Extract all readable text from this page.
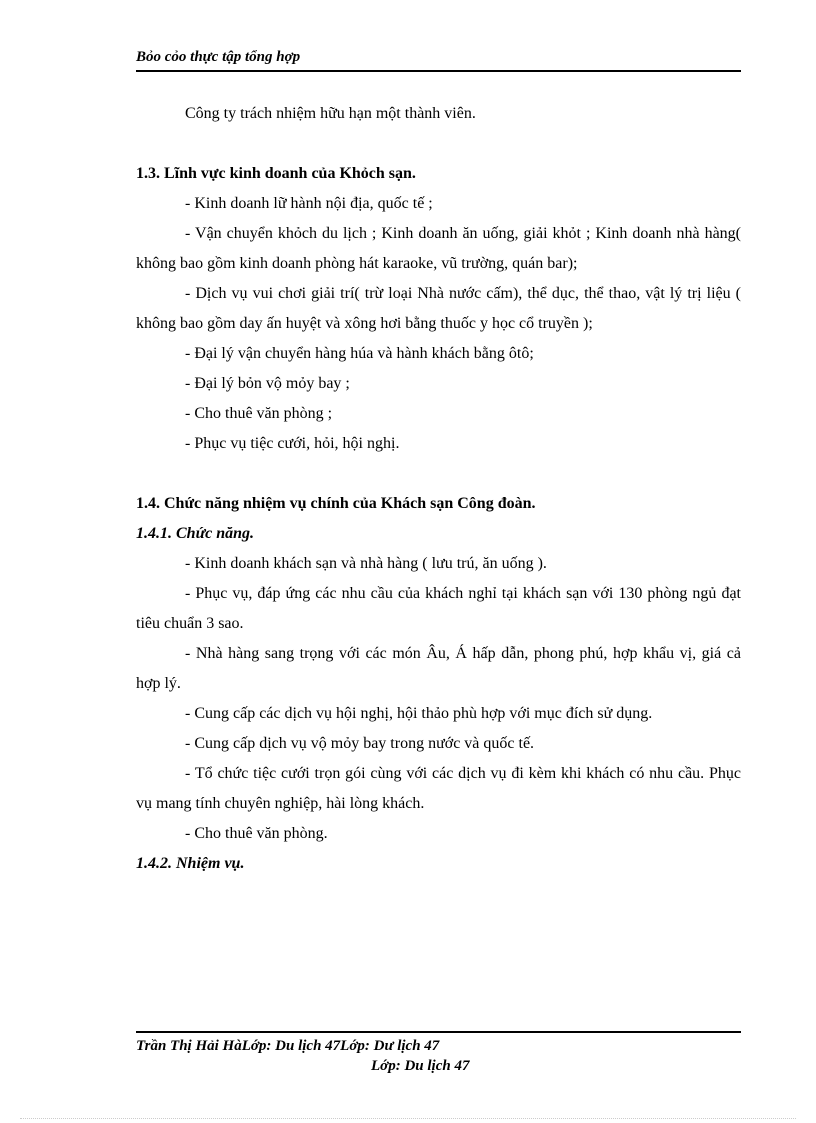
Bỏo cỏo thực tập tổng hợp
Công ty trách nhiệm hữu hạn một thành viên.
1.3. Lĩnh vực kinh doanh của Khỏch sạn.
- Kinh doanh lữ hành nội địa, quốc tế ;
- Vận chuyển khỏch du lịch ; Kinh doanh ăn uống, giải khỏt ; Kinh doanh nhà hàng( không bao gồm kinh doanh phòng hát karaoke, vũ trường, quán bar);
- Dịch vụ vui chơi giải trí( trừ loại Nhà nước cấm), thể dục, thể thao, vật lý trị liệu ( không bao gồm day ấn huyệt và xông hơi bằng thuốc y học cổ truyền );
- Đại lý vận chuyển hàng húa và hành khách bằng ôtô;
- Đại lý bỏn vộ mỏy bay ;
- Cho thuê văn phòng ;
- Phục vụ tiệc cưới, hỏi, hội nghị.
1.4. Chức năng nhiệm vụ chính của Khách sạn Công đoàn.
1.4.1. Chức năng.
- Kinh doanh khách sạn và nhà hàng ( lưu trú, ăn uống ).
- Phục vụ, đáp ứng các nhu cầu của khách nghỉ tại khách sạn với 130 phòng ngủ đạt tiêu chuẩn 3 sao.
- Nhà hàng sang trọng với các món Âu, Á hấp dẫn, phong phú, hợp khẩu vị, giá cả hợp lý.
- Cung cấp các dịch vụ hội nghị, hội thảo phù hợp với mục đích sử dụng.
- Cung cấp dịch vụ vộ mỏy bay trong nước và quốc tế.
- Tổ chức tiệc cưới trọn gói cùng với các dịch vụ đi kèm khi khách có nhu cầu. Phục vụ mang tính chuyên nghiệp, hài lòng khách.
- Cho thuê văn phòng.
1.4.2. Nhiệm vụ.
Trần Thị Hải HàLớp: Du lịch 47Lớp: Dư lịch 47
Lớp: Du lịch 47
